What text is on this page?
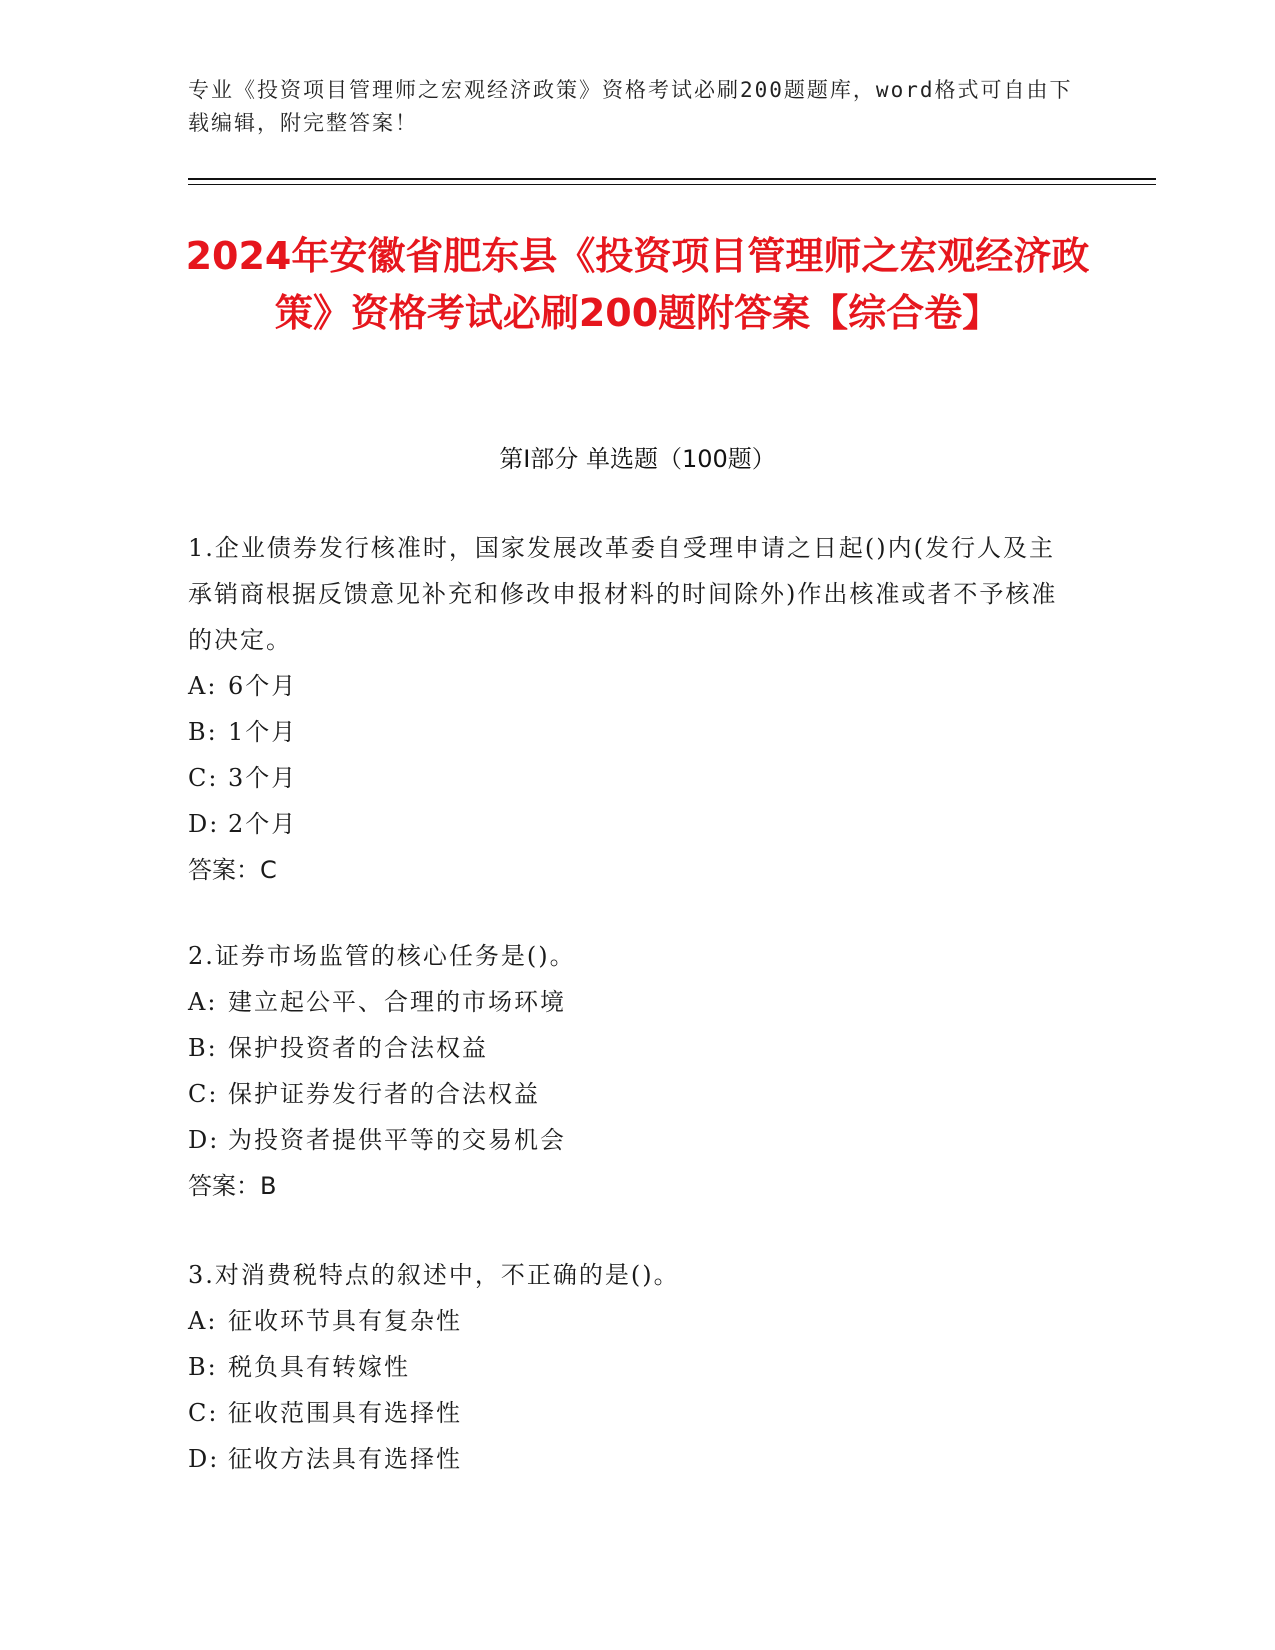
专业《投资项目管理师之宏观经济政策》资格考试必刷200题题库，word格式可自由下载编辑，附完整答案！

2024年安徽省肥东县《投资项目管理师之宏观经济政策》资格考试必刷200题附答案【综合卷】
第Ⅰ部分 单选题（100题）

1.企业债券发行核准时，国家发展改革委自受理申请之日起()内(发行人及主承销商根据反馈意见补充和修改申报材料的时间除外)作出核准或者不予核准的决定。

A: 6个月

B: 1个月

C: 3个月

D: 2个月

答案：C

2.证券市场监管的核心任务是()。

A: 建立起公平、合理的市场环境

B: 保护投资者的合法权益

C: 保护证券发行者的合法权益

D: 为投资者提供平等的交易机会

答案：B

3.对消费税特点的叙述中，不正确的是()。

A: 征收环节具有复杂性

B: 税负具有转嫁性

C: 征收范围具有选择性

D: 征收方法具有选择性
